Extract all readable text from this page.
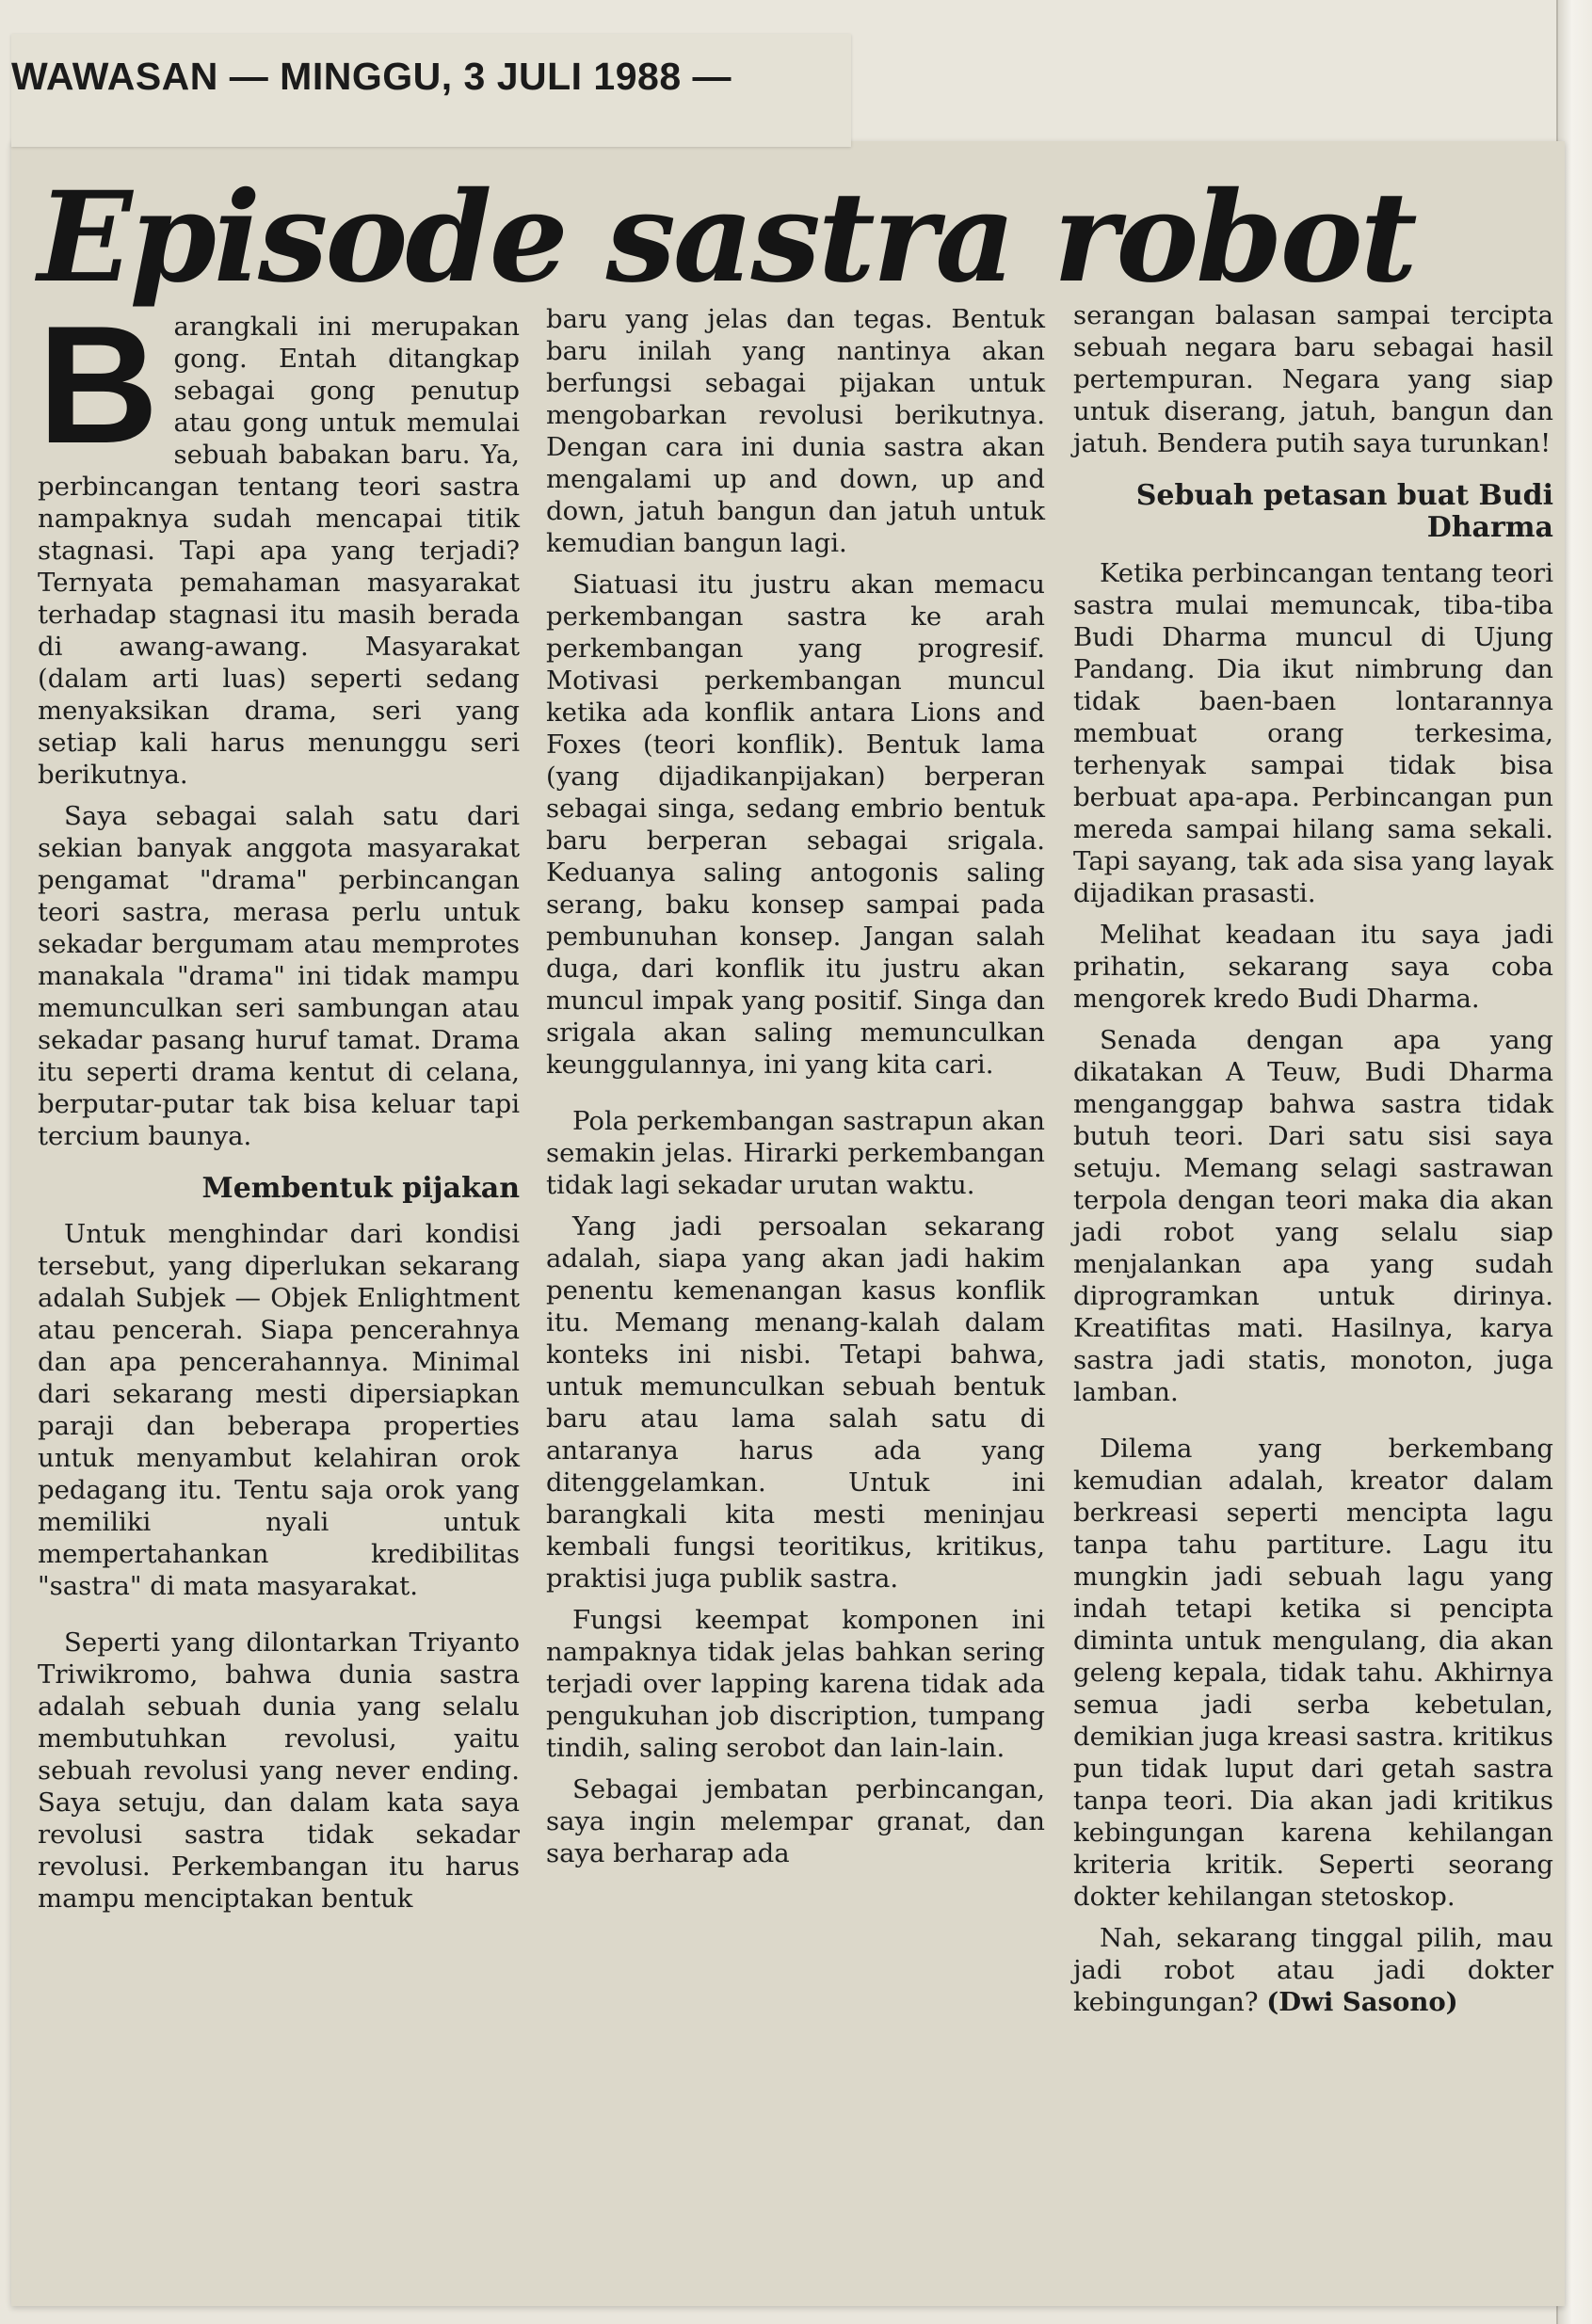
WAWASAN — MINGGU, 3 JULI 1988 —
Episode sastra robot

Barangkali ini merupakan gong. Entah ditangkap sebagai gong penutup atau gong untuk memulai sebuah babakan baru. Ya, perbincangan tentang teori sastra nampaknya sudah mencapai titik stagnasi. Tapi apa yang terjadi? Ternyata pemahaman masyarakat terhadap stagnasi itu masih berada di awang-awang. Masyarakat (dalam arti luas) seperti sedang menyaksikan drama, seri yang setiap kali harus menunggu seri berikutnya.

Saya sebagai salah satu dari sekian banyak anggota masyarakat pengamat "drama" perbincangan teori sastra, merasa perlu untuk sekadar bergumam atau memprotes manakala "drama" ini tidak mampu memunculkan seri sambungan atau sekadar pasang huruf tamat. Drama itu seperti drama kentut di celana, berputar-putar tak bisa keluar tapi tercium baunya.

Membentuk pijakan

Untuk menghindar dari kondisi tersebut, yang diperlukan sekarang adalah Subjek — Objek Enlightment atau pencerah. Siapa pencerahnya dan apa pencerahannya. Minimal dari sekarang mesti dipersiapkan paraji dan beberapa properties untuk menyambut kelahiran orok pedagang itu. Tentu saja orok yang memiliki nyali untuk mempertahankan kredibilitas "sastra" di mata masyarakat.

Seperti yang dilontarkan Triyanto Triwikromo, bahwa dunia sastra adalah sebuah dunia yang selalu membutuhkan revolusi, yaitu sebuah revolusi yang never ending. Saya setuju, dan dalam kata saya revolusi sastra tidak sekadar revolusi. Perkembangan itu harus mampu menciptakan bentuk

baru yang jelas dan tegas. Bentuk baru inilah yang nantinya akan berfungsi sebagai pijakan untuk mengobarkan revolusi berikutnya. Dengan cara ini dunia sastra akan mengalami up and down, up and down, jatuh bangun dan jatuh untuk kemudian bangun lagi.

Siatuasi itu justru akan memacu perkembangan sastra ke arah perkembangan yang progresif. Motivasi perkembangan muncul ketika ada konflik antara Lions and Foxes (teori konflik). Bentuk lama (yang dijadikanpijakan) berperan sebagai singa, sedang embrio bentuk baru berperan sebagai srigala. Keduanya saling antogonis saling serang, baku konsep sampai pada pembunuhan konsep. Jangan salah duga, dari konflik itu justru akan muncul impak yang positif. Singa dan srigala akan saling memunculkan keunggulannya, ini yang kita cari.

Pola perkembangan sastrapun akan semakin jelas. Hirarki perkembangan tidak lagi sekadar urutan waktu.

Yang jadi persoalan sekarang adalah, siapa yang akan jadi hakim penentu kemenangan kasus konflik itu. Memang menang-kalah dalam konteks ini nisbi. Tetapi bahwa, untuk memunculkan sebuah bentuk baru atau lama salah satu di antaranya harus ada yang ditenggelamkan. Untuk ini barangkali kita mesti meninjau kembali fungsi teoritikus, kritikus, praktisi juga publik sastra.

Fungsi keempat komponen ini nampaknya tidak jelas bahkan sering terjadi over lapping karena tidak ada pengukuhan job discription, tumpang tindih, saling serobot dan lain-lain.

Sebagai jembatan perbincangan, saya ingin melempar granat, dan saya berharap ada

serangan balasan sampai tercipta sebuah negara baru sebagai hasil pertempuran. Negara yang siap untuk diserang, jatuh, bangun dan jatuh. Bendera putih saya turunkan!

Sebuah petasan buat Budi Dharma

Ketika perbincangan tentang teori sastra mulai memuncak, tiba-tiba Budi Dharma muncul di Ujung Pandang. Dia ikut nimbrung dan tidak baen-baen lontarannya membuat orang terkesima, terhenyak sampai tidak bisa berbuat apa-apa. Perbincangan pun mereda sampai hilang sama sekali. Tapi sayang, tak ada sisa yang layak dijadikan prasasti.

Melihat keadaan itu saya jadi prihatin, sekarang saya coba mengorek kredo Budi Dharma.

Senada dengan apa yang dikatakan A Teuw, Budi Dharma menganggap bahwa sastra tidak butuh teori. Dari satu sisi saya setuju. Memang selagi sastrawan terpola dengan teori maka dia akan jadi robot yang selalu siap menjalankan apa yang sudah diprogramkan untuk dirinya. Kreatifitas mati. Hasilnya, karya sastra jadi statis, monoton, juga lamban.

Dilema yang berkembang kemudian adalah, kreator dalam berkreasi seperti mencipta lagu tanpa tahu partiture. Lagu itu mungkin jadi sebuah lagu yang indah tetapi ketika si pencipta diminta untuk mengulang, dia akan geleng kepala, tidak tahu. Akhirnya semua jadi serba kebetulan, demikian juga kreasi sastra. kritikus pun tidak luput dari getah sastra tanpa teori. Dia akan jadi kritikus kebingungan karena kehilangan kriteria kritik. Seperti seorang dokter kehilangan stetoskop.

Nah, sekarang tinggal pilih, mau jadi robot atau jadi dokter kebingungan? (Dwi Sasono)
